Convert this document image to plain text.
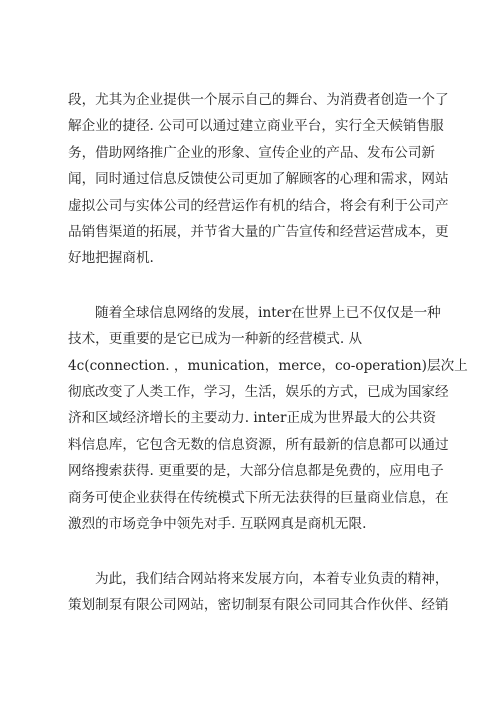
段，尤其为企业提供一个展示自己的舞台、为消费者创造一个了
解企业的捷径. 公司可以通过建立商业平台，实行全天候销售服
务，借助网络推广企业的形象、宣传企业的产品、发布公司新
闻，同时通过信息反馈使公司更加了解顾客的心理和需求，网站
虚拟公司与实体公司的经营运作有机的结合，将会有利于公司产
品销售渠道的拓展，并节省大量的广告宣传和经营运营成本，更
好地把握商机.
随着全球信息网络的发展，inter在世界上已不仅仅是一种
技术，更重要的是它已成为一种新的经营模式. 从
4c(connection. ，munication，merce，co-operation)层次上
彻底改变了人类工作，学习，生活，娱乐的方式，已成为国家经
济和区域经济增长的主要动力. inter正成为世界最大的公共资
料信息库，它包含无数的信息资源，所有最新的信息都可以通过
网络搜索获得. 更重要的是，大部分信息都是免费的，应用电子
商务可使企业获得在传统模式下所无法获得的巨量商业信息，在
激烈的市场竞争中领先对手. 互联网真是商机无限.
为此，我们结合网站将来发展方向，本着专业负责的精神，
策划制泵有限公司网站，密切制泵有限公司同其合作伙伴、经销
